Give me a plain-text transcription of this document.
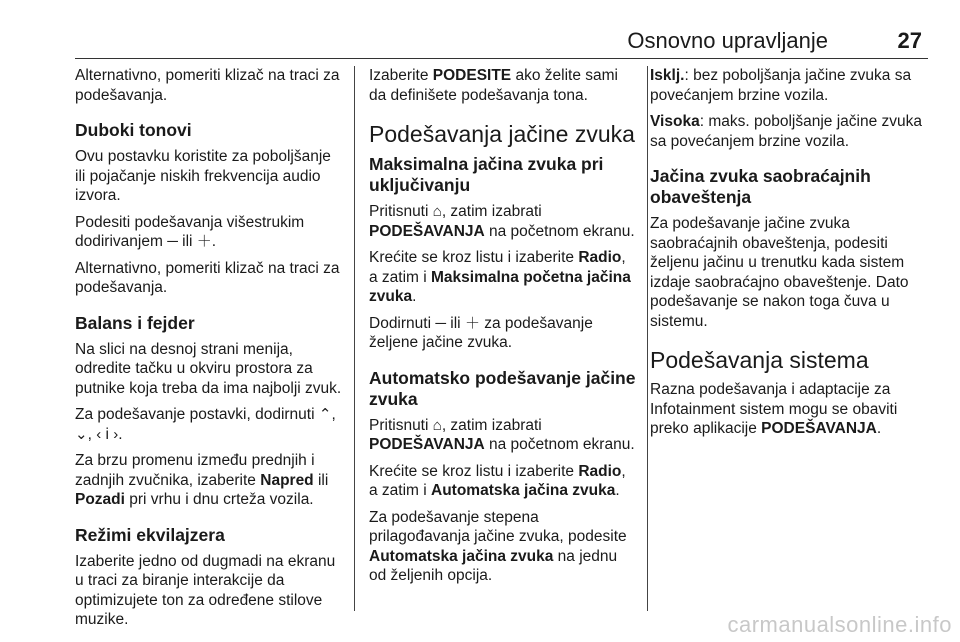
Osnovno upravljanje	27

Alternativno, pomeriti klizač na traci za podešavanja.

Duboki tonovi

Ovu postavku koristite za poboljšanje ili pojačanje niskih frekvencija audio izvora.

Podesiti podešavanja višestrukim dodirivanjem ─ ili ＋.

Alternativno, pomeriti klizač na traci za podešavanja.

Balans i fejder

Na slici na desnoj strani menija, odredite tačku u okviru prostora za putnike koja treba da ima najbolji zvuk.

Za podešavanje postavki, dodirnuti ⌃, ⌄, ‹ i ›.

Za brzu promenu između prednjih i zadnjih zvučnika, izaberite Napred ili Pozadi pri vrhu i dnu crteža vozila.

Režimi ekvilajzera

Izaberite jedno od dugmadi na ekranu u traci za biranje interakcije da optimizujete ton za određene stilove muzike.

Izaberite PODESITE ako želite sami da definišete podešavanja tona.

Podešavanja jačine zvuka
Maksimalna jačina zvuka pri uključivanju

Pritisnuti ⌂, zatim izabrati PODEŠAVANJA na početnom ekranu.

Krećite se kroz listu i izaberite Radio, a zatim i Maksimalna početna jačina zvuka.

Dodirnuti ─ ili ＋ za podešavanje željene jačine zvuka.

Automatsko podešavanje jačine zvuka

Pritisnuti ⌂, zatim izabrati PODEŠAVANJA na početnom ekranu.

Krećite se kroz listu i izaberite Radio, a zatim i Automatska jačina zvuka.

Za podešavanje stepena prilagođavanja jačine zvuka, podesite Automatska jačina zvuka na jednu od željenih opcija.

Isklj.: bez poboljšanja jačine zvuka sa povećanjem brzine vozila.

Visoka: maks. poboljšanje jačine zvuka sa povećanjem brzine vozila.

Jačina zvuka saobraćajnih obaveštenja

Za podešavanje jačine zvuka saobraćajnih obaveštenja, podesiti željenu jačinu u trenutku kada sistem izdaje saobraćajno obaveštenje. Dato podešavanje se nakon toga čuva u sistemu.

Podešavanja sistema

Razna podešavanja i adaptacije za Infotainment sistem mogu se obaviti preko aplikacije PODEŠAVANJA.

carmanualsonline.info
